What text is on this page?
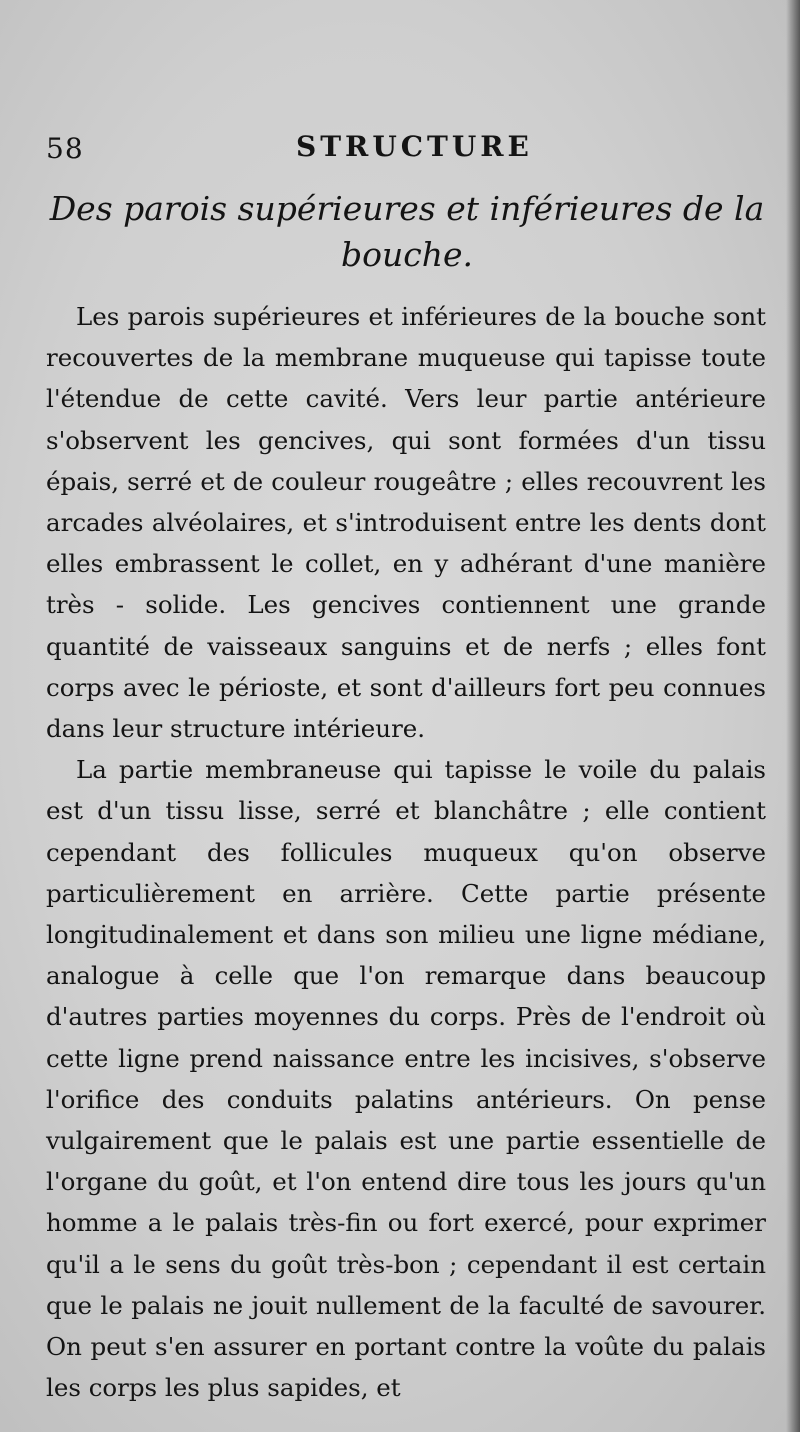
58	STRUCTURE
Des parois supérieures et inférieures de la bouche.

Les parois supérieures et inférieures de la bouche sont recouvertes de la membrane muqueuse qui tapisse toute l'étendue de cette cavité. Vers leur partie antérieure s'observent les gencives, qui sont formées d'un tissu épais, serré et de couleur rougeâtre ; elles recouvrent les arcades alvéolaires, et s'introduisent entre les dents dont elles embrassent le collet, en y adhérant d'une manière très - solide. Les gencives contiennent une grande quantité de vaisseaux sanguins et de nerfs ; elles font corps avec le périoste, et sont d'ailleurs fort peu connues dans leur structure intérieure.

La partie membraneuse qui tapisse le voile du palais est d'un tissu lisse, serré et blanchâtre ; elle contient cependant des follicules muqueux qu'on observe particulièrement en arrière. Cette partie présente longitudinalement et dans son milieu une ligne médiane, analogue à celle que l'on remarque dans beaucoup d'autres parties moyennes du corps. Près de l'endroit où cette ligne prend naissance entre les incisives, s'observe l'orifice des conduits palatins antérieurs. On pense vulgairement que le palais est une partie essentielle de l'organe du goût, et l'on entend dire tous les jours qu'un homme a le palais très-fin ou fort exercé, pour exprimer qu'il a le sens du goût très-bon ; cependant il est certain que le palais ne jouit nullement de la faculté de savourer. On peut s'en assurer en portant contre la voûte du palais les corps les plus sapides, et
